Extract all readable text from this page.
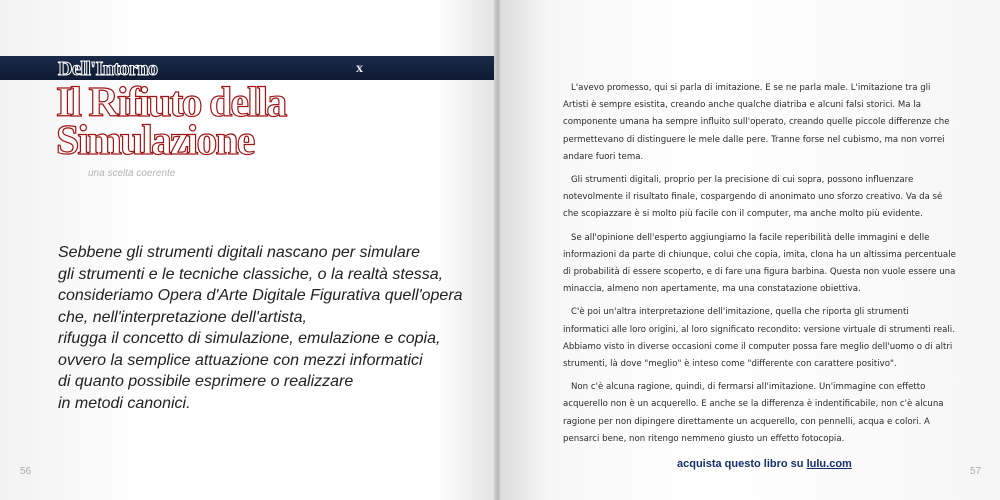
Dell'Intorno	x
Il Rifiuto della
Simulazione
una scelta coerente
Sebbene gli strumenti digitali nascano per simulare
gli strumenti e le tecniche classiche, o la realtà stessa,
consideriamo Opera d'Arte Digitale Figurativa quell'opera
che, nell'interpretazione dell'artista,
rifugga il concetto di simulazione, emulazione e copia,
ovvero la semplice attuazione con mezzi informatici
di quanto possibile esprimere o realizzare
in metodi canonici.
56

L'avevo promesso, qui si parla di imitazione. E se ne parla male. L'imitazione tra gli Artisti è sempre esistita, creando anche qualche diatriba e alcuni falsi storici. Ma la componente umana ha sempre influito sull'operato, creando quelle piccole differenze che permettevano di distinguere le mele dalle pere. Tranne forse nel cubismo, ma non vorrei andare fuori tema.

Gli strumenti digitali, proprio per la precisione di cui sopra, possono influenzare notevolmente il risultato finale, cospargendo di anonimato uno sforzo creativo. Va da sé che scopiazzare è si molto più facile con il computer, ma anche molto più evidente.

Se all'opinione dell'esperto aggiungiamo la facile reperibilità delle immagini e delle informazioni da parte di chiunque, colui che copia, imita, clona ha un altissima percentuale di probabilità di essere scoperto, e di fare una figura barbina. Questa non vuole essere una minaccia, almeno non apertamente, ma una constatazione obiettiva.

C'è poi un'altra interpretazione dell'imitazione, quella che riporta gli strumenti informatici alle loro origini, al loro significato recondito: versione virtuale di strumenti reali. Abbiamo visto in diverse occasioni come il computer possa fare meglio dell'uomo o di altri strumenti, là dove "meglio" è inteso come "differente con carattere positivo".

Non c'è alcuna ragione, quindi, di fermarsi all'imitazione. Un'immagine con effetto acquerello non è un acquerello. E anche se la differenza è indentificabile, non c'è alcuna ragione per non dipingere direttamente un acquerello, con pennelli, acqua e colori. A pensarci bene, non ritengo nemmeno giusto un effetto fotocopia.

acquista questo libro su lulu.com
57
